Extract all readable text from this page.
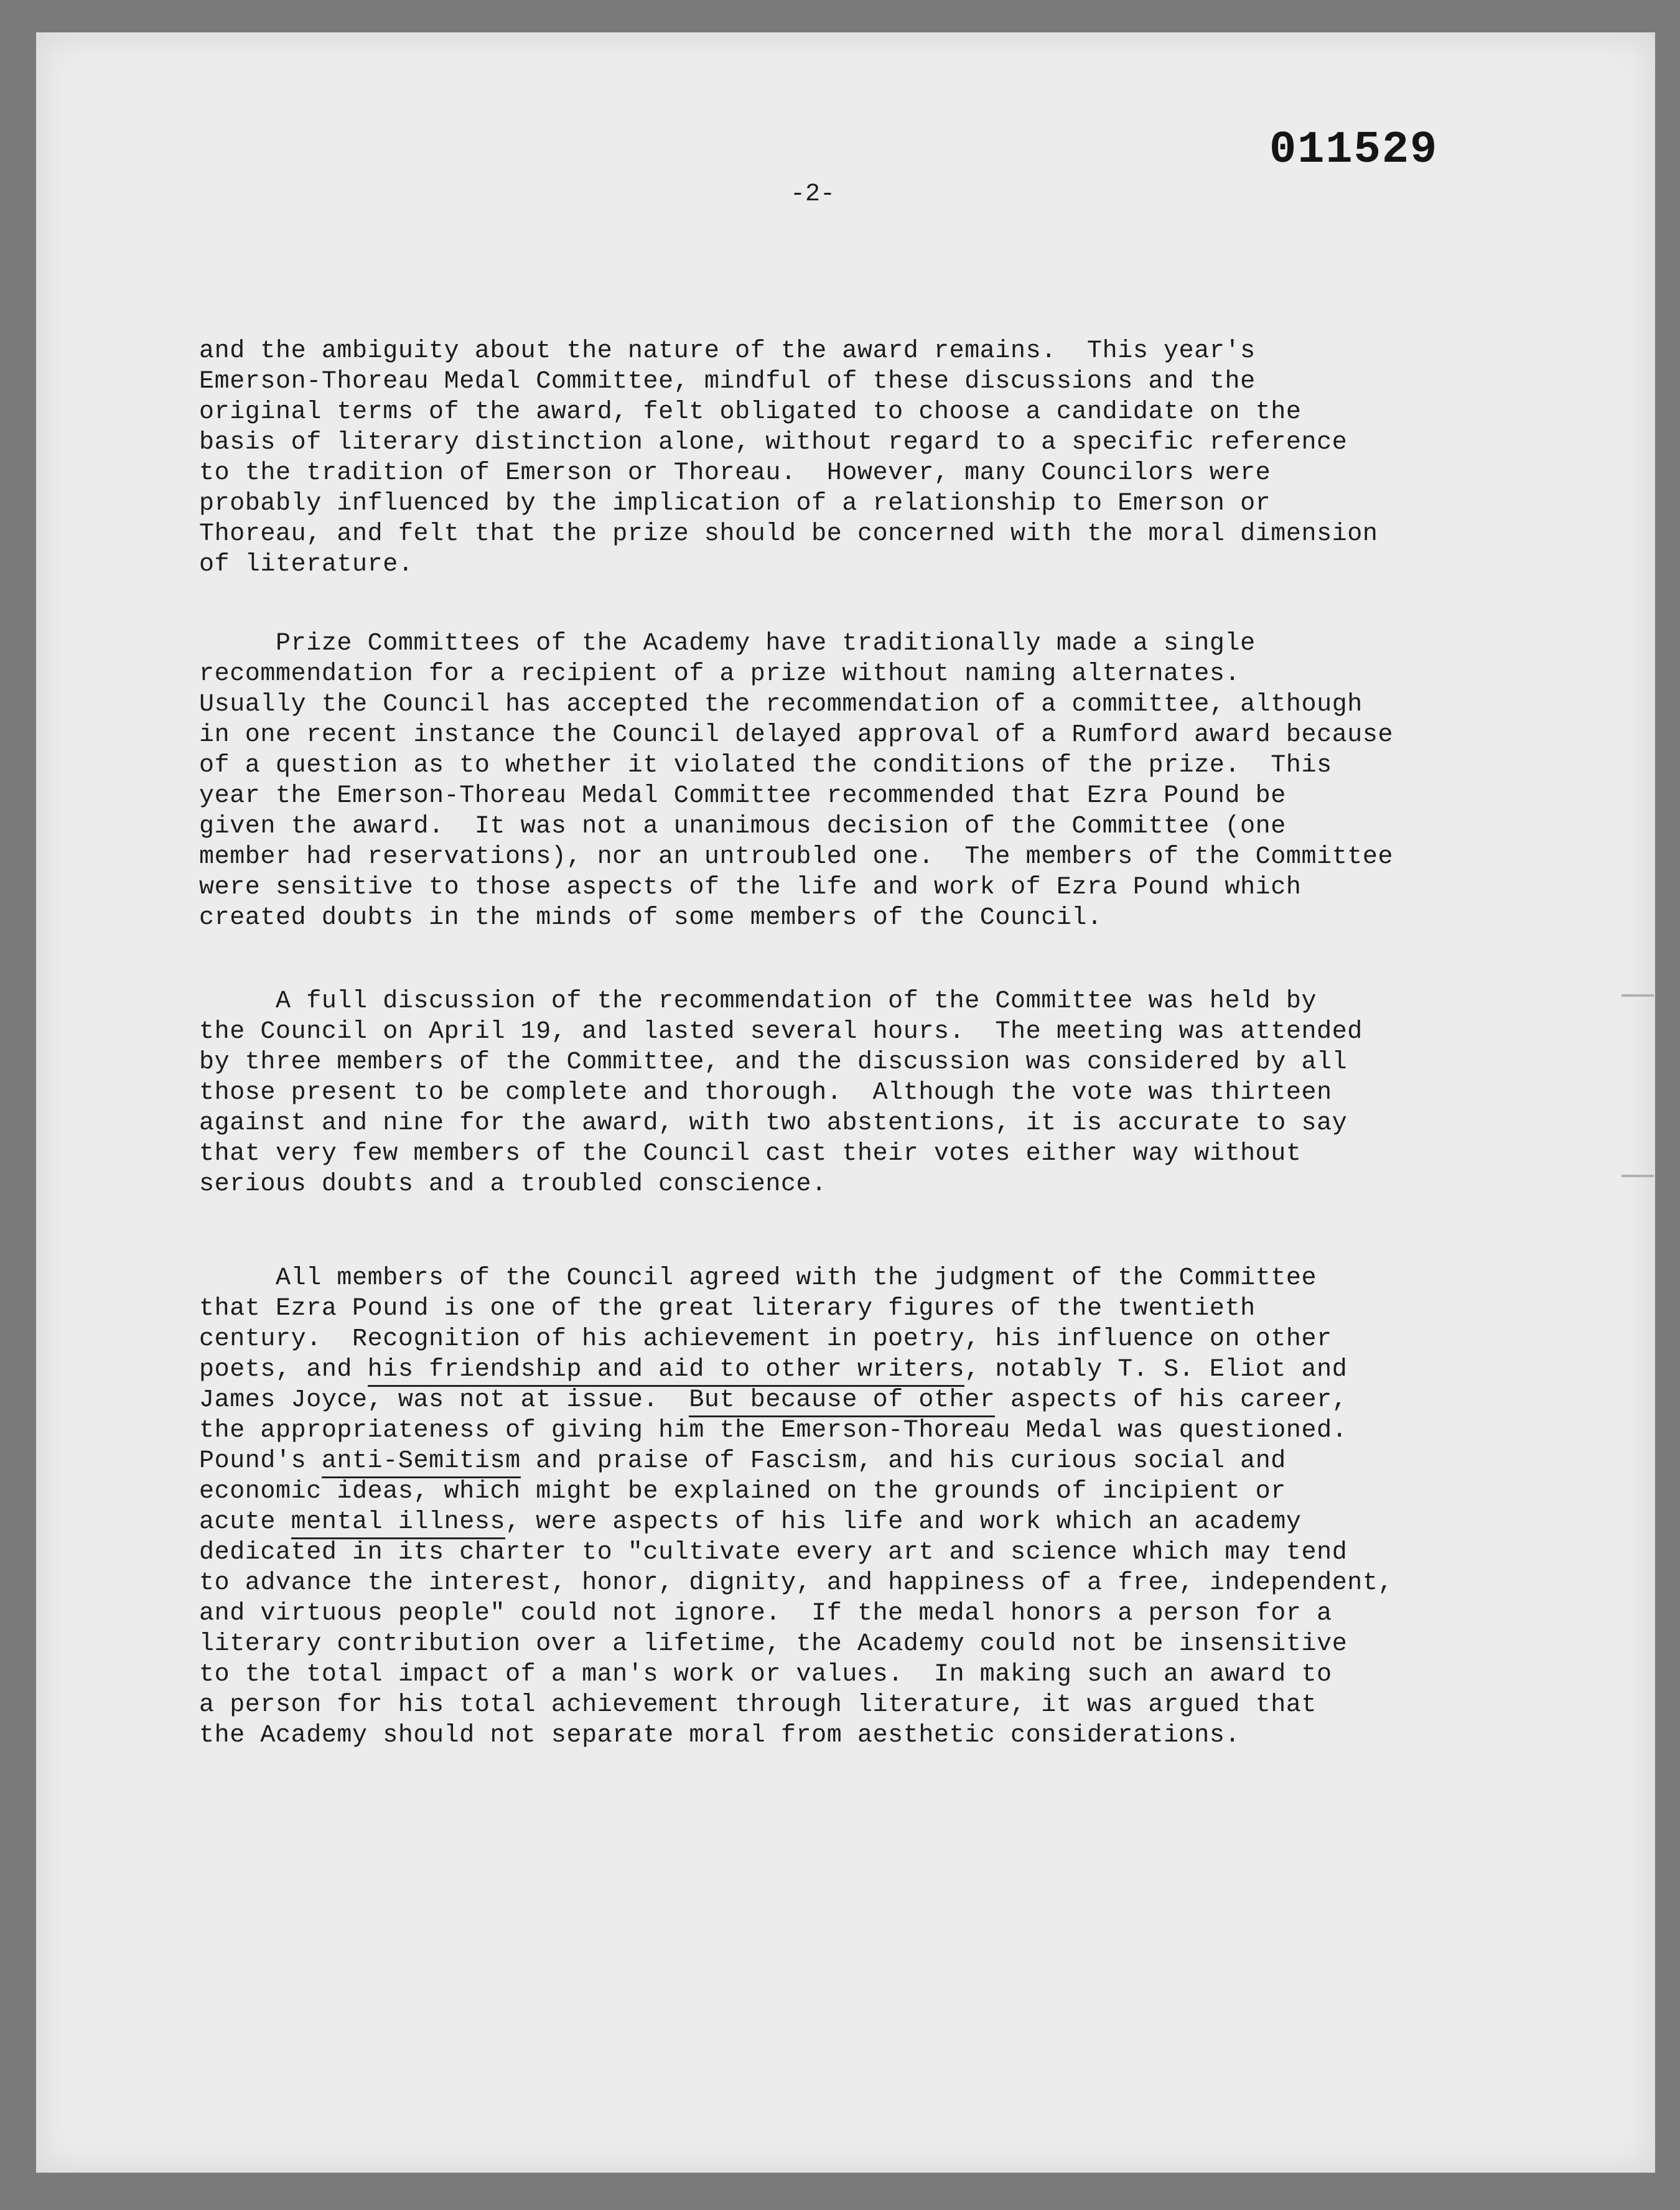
011529
-2-
and the ambiguity about the nature of the award remains.  This year's
Emerson-Thoreau Medal Committee, mindful of these discussions and the
original terms of the award, felt obligated to choose a candidate on the
basis of literary distinction alone, without regard to a specific reference
to the tradition of Emerson or Thoreau.  However, many Councilors were
probably influenced by the implication of a relationship to Emerson or
Thoreau, and felt that the prize should be concerned with the moral dimension
of literature.
Prize Committees of the Academy have traditionally made a single
recommendation for a recipient of a prize without naming alternates.
Usually the Council has accepted the recommendation of a committee, although
in one recent instance the Council delayed approval of a Rumford award because
of a question as to whether it violated the conditions of the prize.  This
year the Emerson-Thoreau Medal Committee recommended that Ezra Pound be
given the award.  It was not a unanimous decision of the Committee (one
member had reservations), nor an untroubled one.  The members of the Committee
were sensitive to those aspects of the life and work of Ezra Pound which
created doubts in the minds of some members of the Council.
A full discussion of the recommendation of the Committee was held by
the Council on April 19, and lasted several hours.  The meeting was attended
by three members of the Committee, and the discussion was considered by all
those present to be complete and thorough.  Although the vote was thirteen
against and nine for the award, with two abstentions, it is accurate to say
that very few members of the Council cast their votes either way without
serious doubts and a troubled conscience.
All members of the Council agreed with the judgment of the Committee
that Ezra Pound is one of the great literary figures of the twentieth
century.  Recognition of his achievement in poetry, his influence on other
poets, and his friendship and aid to other writers, notably T. S. Eliot and
James Joyce, was not at issue.  But because of other aspects of his career,
the appropriateness of giving him the Emerson-Thoreau Medal was questioned.
Pound's anti-Semitism and praise of Fascism, and his curious social and
economic ideas, which might be explained on the grounds of incipient or
acute mental illness, were aspects of his life and work which an academy
dedicated in its charter to "cultivate every art and science which may tend
to advance the interest, honor, dignity, and happiness of a free, independent,
and virtuous people" could not ignore.  If the medal honors a person for a
literary contribution over a lifetime, the Academy could not be insensitive
to the total impact of a man's work or values.  In making such an award to
a person for his total achievement through literature, it was argued that
the Academy should not separate moral from aesthetic considerations.
